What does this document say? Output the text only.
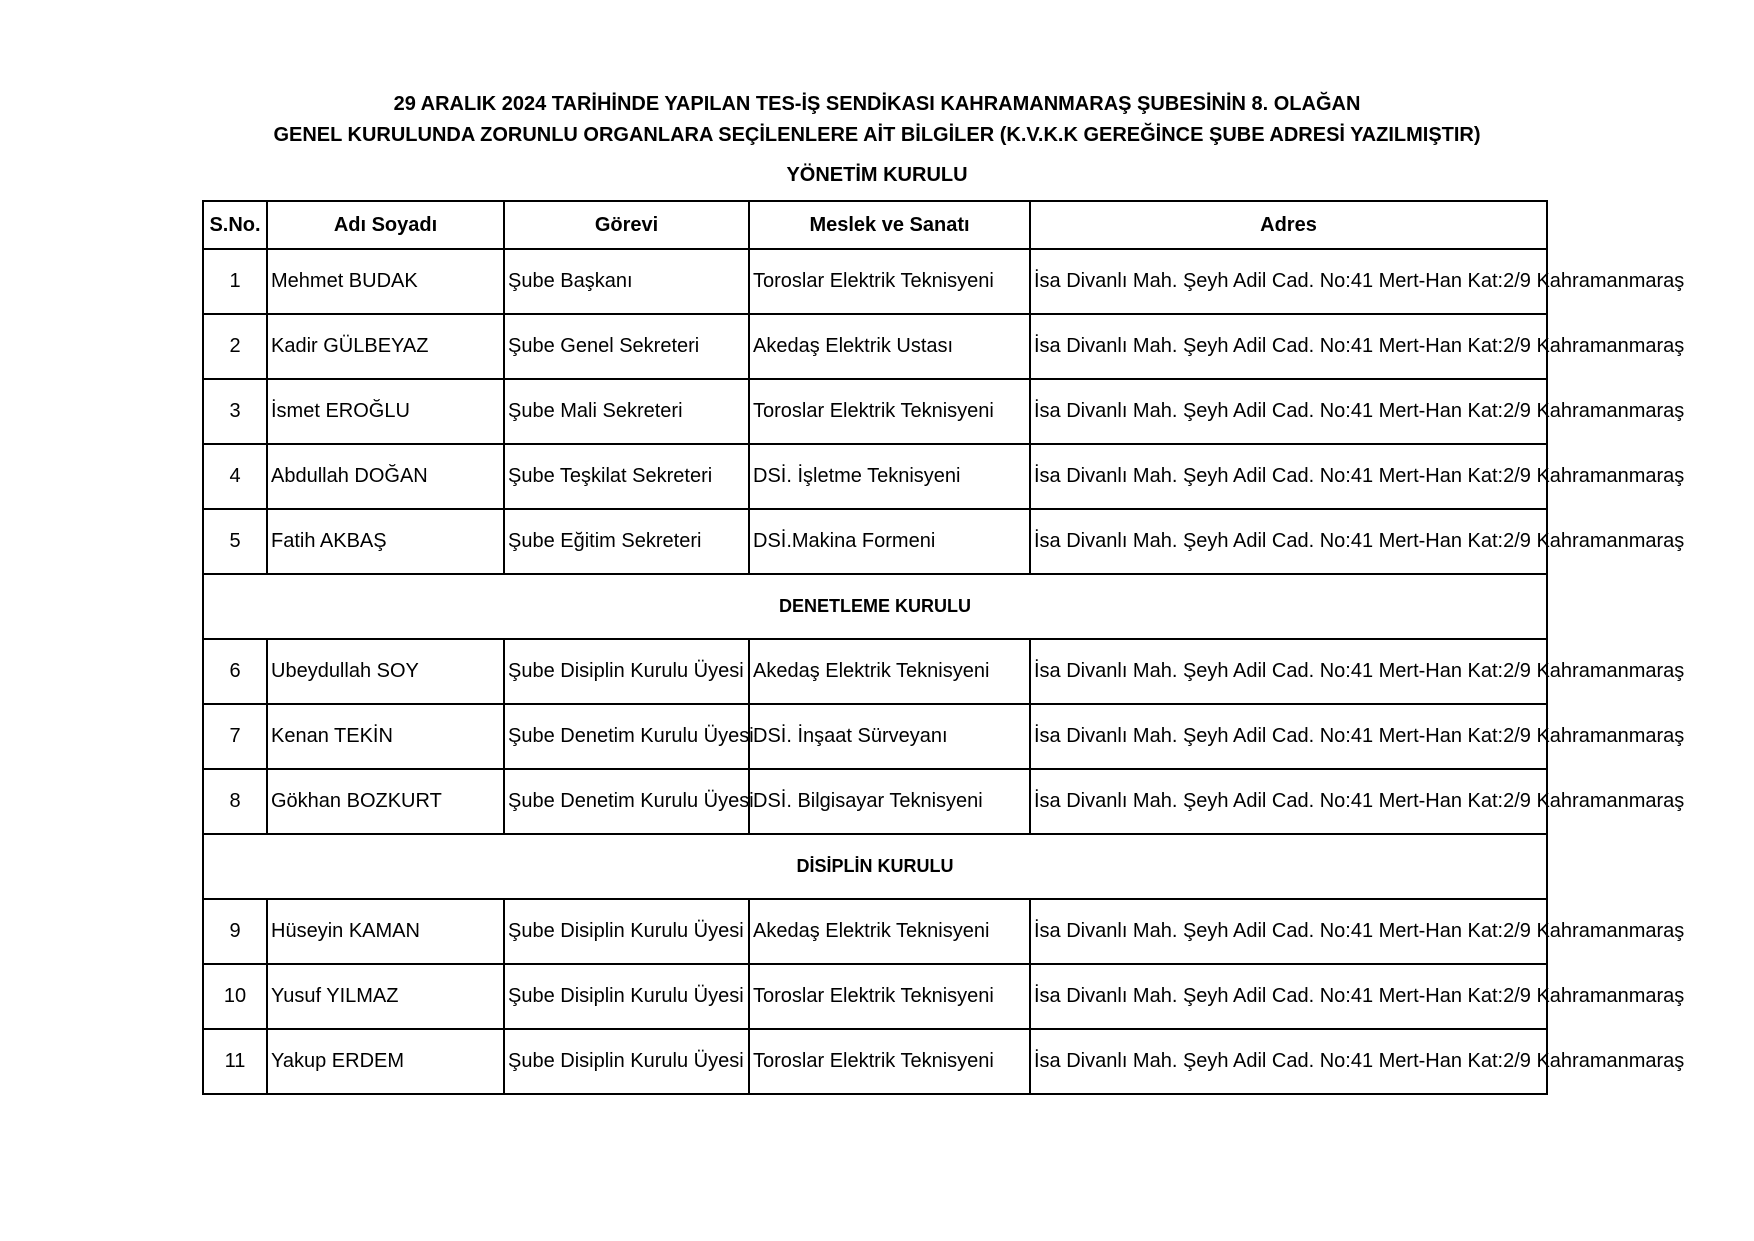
29 ARALIK 2024 TARİHİNDE YAPILAN TES-İŞ SENDİKASI KAHRAMANMARAŞ ŞUBESİNİN 8. OLAĞAN
GENEL KURULUNDA ZORUNLU ORGANLARA SEÇİLENLERE AİT BİLGİLER (K.V.K.K GEREĞİNCE ŞUBE ADRESİ YAZILMIŞTIR)
YÖNETİM KURULU
S.No.	Adı Soyadı	Görevi	Meslek ve Sanatı	Adres
1	Mehmet BUDAK	Şube Başkanı	Toroslar Elektrik Teknisyeni	İsa Divanlı Mah. Şeyh Adil Cad. No:41 Mert-Han Kat:2/9 Kahramanmaraş
2	Kadir GÜLBEYAZ	Şube Genel Sekreteri	Akedaş Elektrik Ustası	İsa Divanlı Mah. Şeyh Adil Cad. No:41 Mert-Han Kat:2/9 Kahramanmaraş
3	İsmet EROĞLU	Şube Mali Sekreteri	Toroslar Elektrik Teknisyeni	İsa Divanlı Mah. Şeyh Adil Cad. No:41 Mert-Han Kat:2/9 Kahramanmaraş
4	Abdullah DOĞAN	Şube Teşkilat Sekreteri	DSİ. İşletme Teknisyeni	İsa Divanlı Mah. Şeyh Adil Cad. No:41 Mert-Han Kat:2/9 Kahramanmaraş
5	Fatih AKBAŞ	Şube Eğitim Sekreteri	DSİ.Makina Formeni	İsa Divanlı Mah. Şeyh Adil Cad. No:41 Mert-Han Kat:2/9 Kahramanmaraş
DENETLEME KURULU				
6	Ubeydullah SOY	Şube Disiplin Kurulu Üyesi	Akedaş Elektrik Teknisyeni	İsa Divanlı Mah. Şeyh Adil Cad. No:41 Mert-Han Kat:2/9 Kahramanmaraş
7	Kenan TEKİN	Şube Denetim Kurulu Üyesi	DSİ. İnşaat Sürveyanı	İsa Divanlı Mah. Şeyh Adil Cad. No:41 Mert-Han Kat:2/9 Kahramanmaraş
8	Gökhan BOZKURT	Şube Denetim Kurulu Üyesi	DSİ. Bilgisayar Teknisyeni	İsa Divanlı Mah. Şeyh Adil Cad. No:41 Mert-Han Kat:2/9 Kahramanmaraş
DİSİPLİN KURULU				
9	Hüseyin KAMAN	Şube Disiplin Kurulu Üyesi	Akedaş Elektrik Teknisyeni	İsa Divanlı Mah. Şeyh Adil Cad. No:41 Mert-Han Kat:2/9 Kahramanmaraş
10	Yusuf YILMAZ	Şube Disiplin Kurulu Üyesi	Toroslar Elektrik Teknisyeni	İsa Divanlı Mah. Şeyh Adil Cad. No:41 Mert-Han Kat:2/9 Kahramanmaraş
11	Yakup ERDEM	Şube Disiplin Kurulu Üyesi	Toroslar Elektrik Teknisyeni	İsa Divanlı Mah. Şeyh Adil Cad. No:41 Mert-Han Kat:2/9 Kahramanmaraş
